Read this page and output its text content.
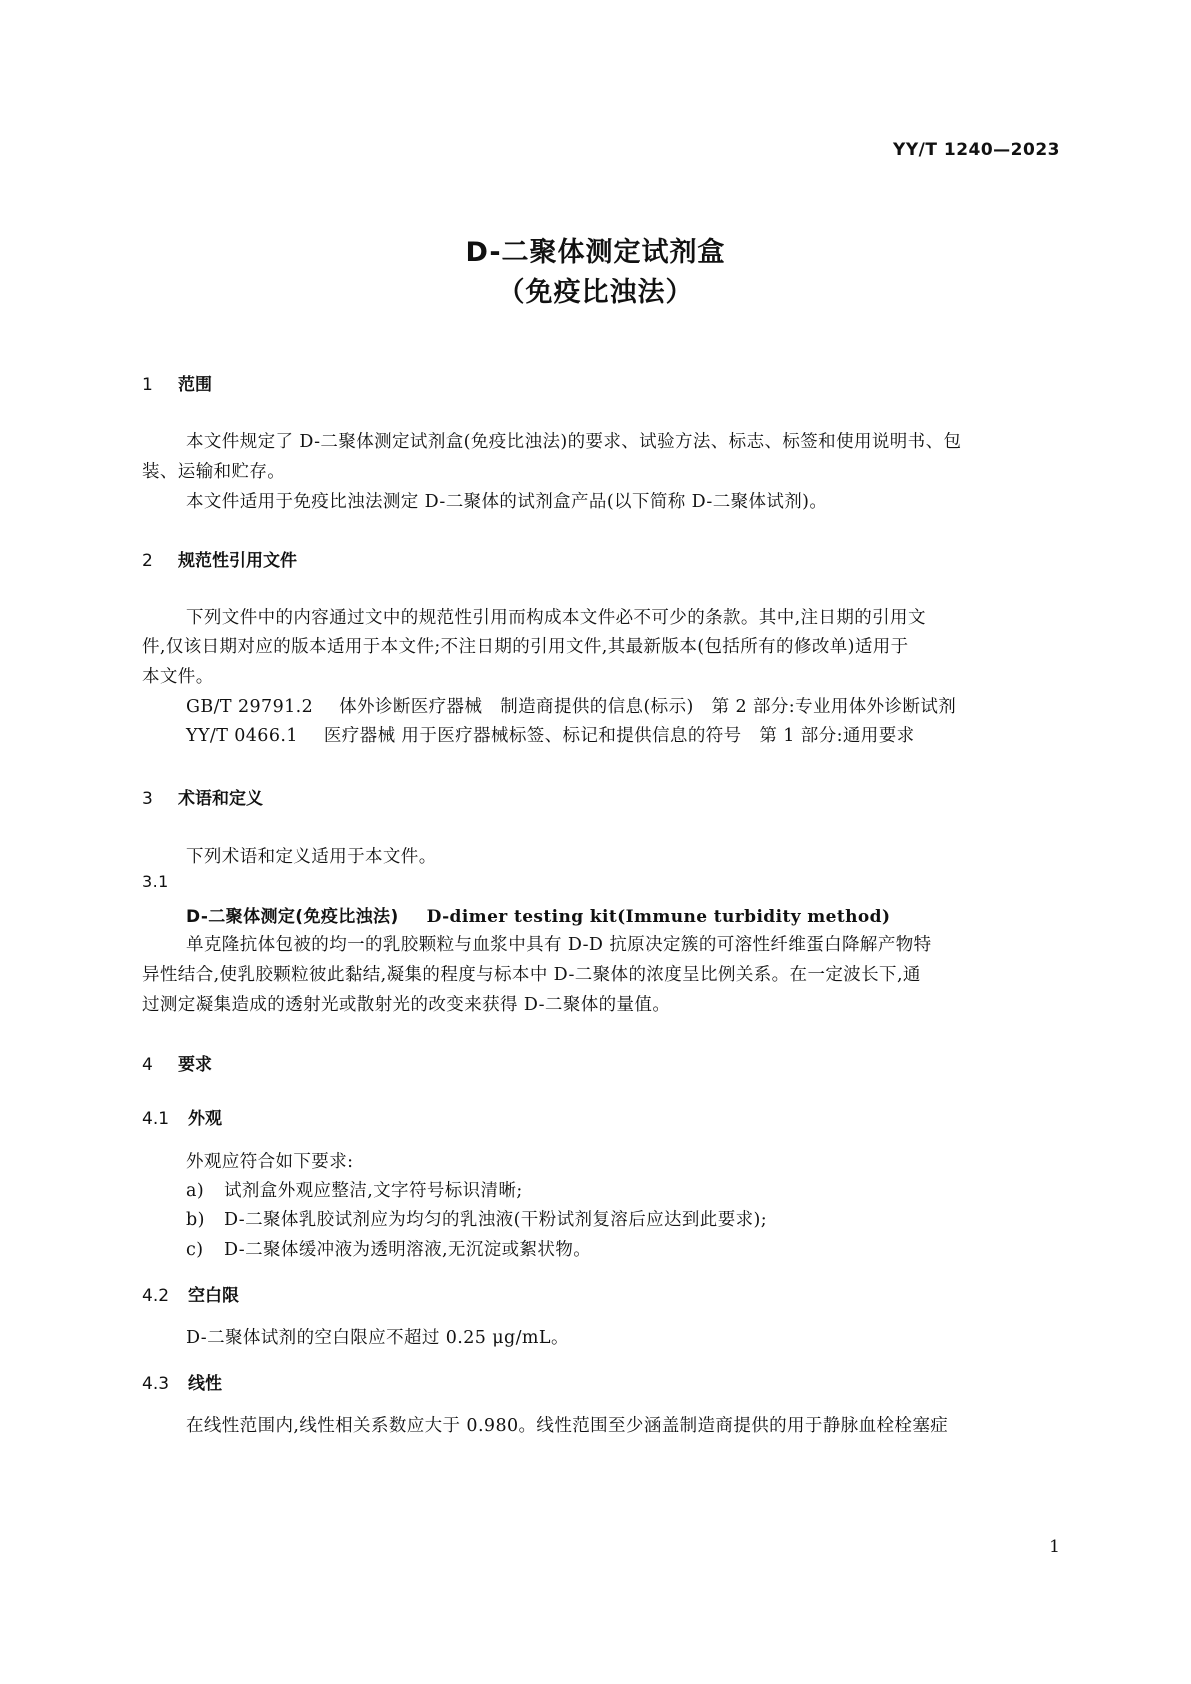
YY/T 1240—2023
D-二聚体测定试剂盒
（免疫比浊法）
1 范围
本文件规定了 D-二聚体测定试剂盒(免疫比浊法)的要求、试验方法、标志、标签和使用说明书、包
装、运输和贮存。
本文件适用于免疫比浊法测定 D-二聚体的试剂盒产品(以下简称 D-二聚体试剂)。
2 规范性引用文件
下列文件中的内容通过文中的规范性引用而构成本文件必不可少的条款。其中,注日期的引用文
件,仅该日期对应的版本适用于本文件;不注日期的引用文件,其最新版本(包括所有的修改单)适用于
本文件。
GB/T 29791.2 体外诊断医疗器械　制造商提供的信息(标示)　第 2 部分:专业用体外诊断试剂
YY/T 0466.1 医疗器械 用于医疗器械标签、标记和提供信息的符号　第 1 部分:通用要求
3 术语和定义
下列术语和定义适用于本文件。
3.1
D-二聚体测定(免疫比浊法) D-dimer testing kit(Immune turbidity method)
单克隆抗体包被的均一的乳胶颗粒与血浆中具有 D-D 抗原决定簇的可溶性纤维蛋白降解产物特
异性结合,使乳胶颗粒彼此黏结,凝集的程度与标本中 D-二聚体的浓度呈比例关系。在一定波长下,通
过测定凝集造成的透射光或散射光的改变来获得 D-二聚体的量值。
4 要求
4.1 外观
外观应符合如下要求:
a) 试剂盒外观应整洁,文字符号标识清晰;
b) D-二聚体乳胶试剂应为均匀的乳浊液(干粉试剂复溶后应达到此要求);
c) D-二聚体缓冲液为透明溶液,无沉淀或絮状物。
4.2 空白限
D-二聚体试剂的空白限应不超过 0.25 μg/mL。
4.3 线性
在线性范围内,线性相关系数应大于 0.980。线性范围至少涵盖制造商提供的用于静脉血栓栓塞症
1
